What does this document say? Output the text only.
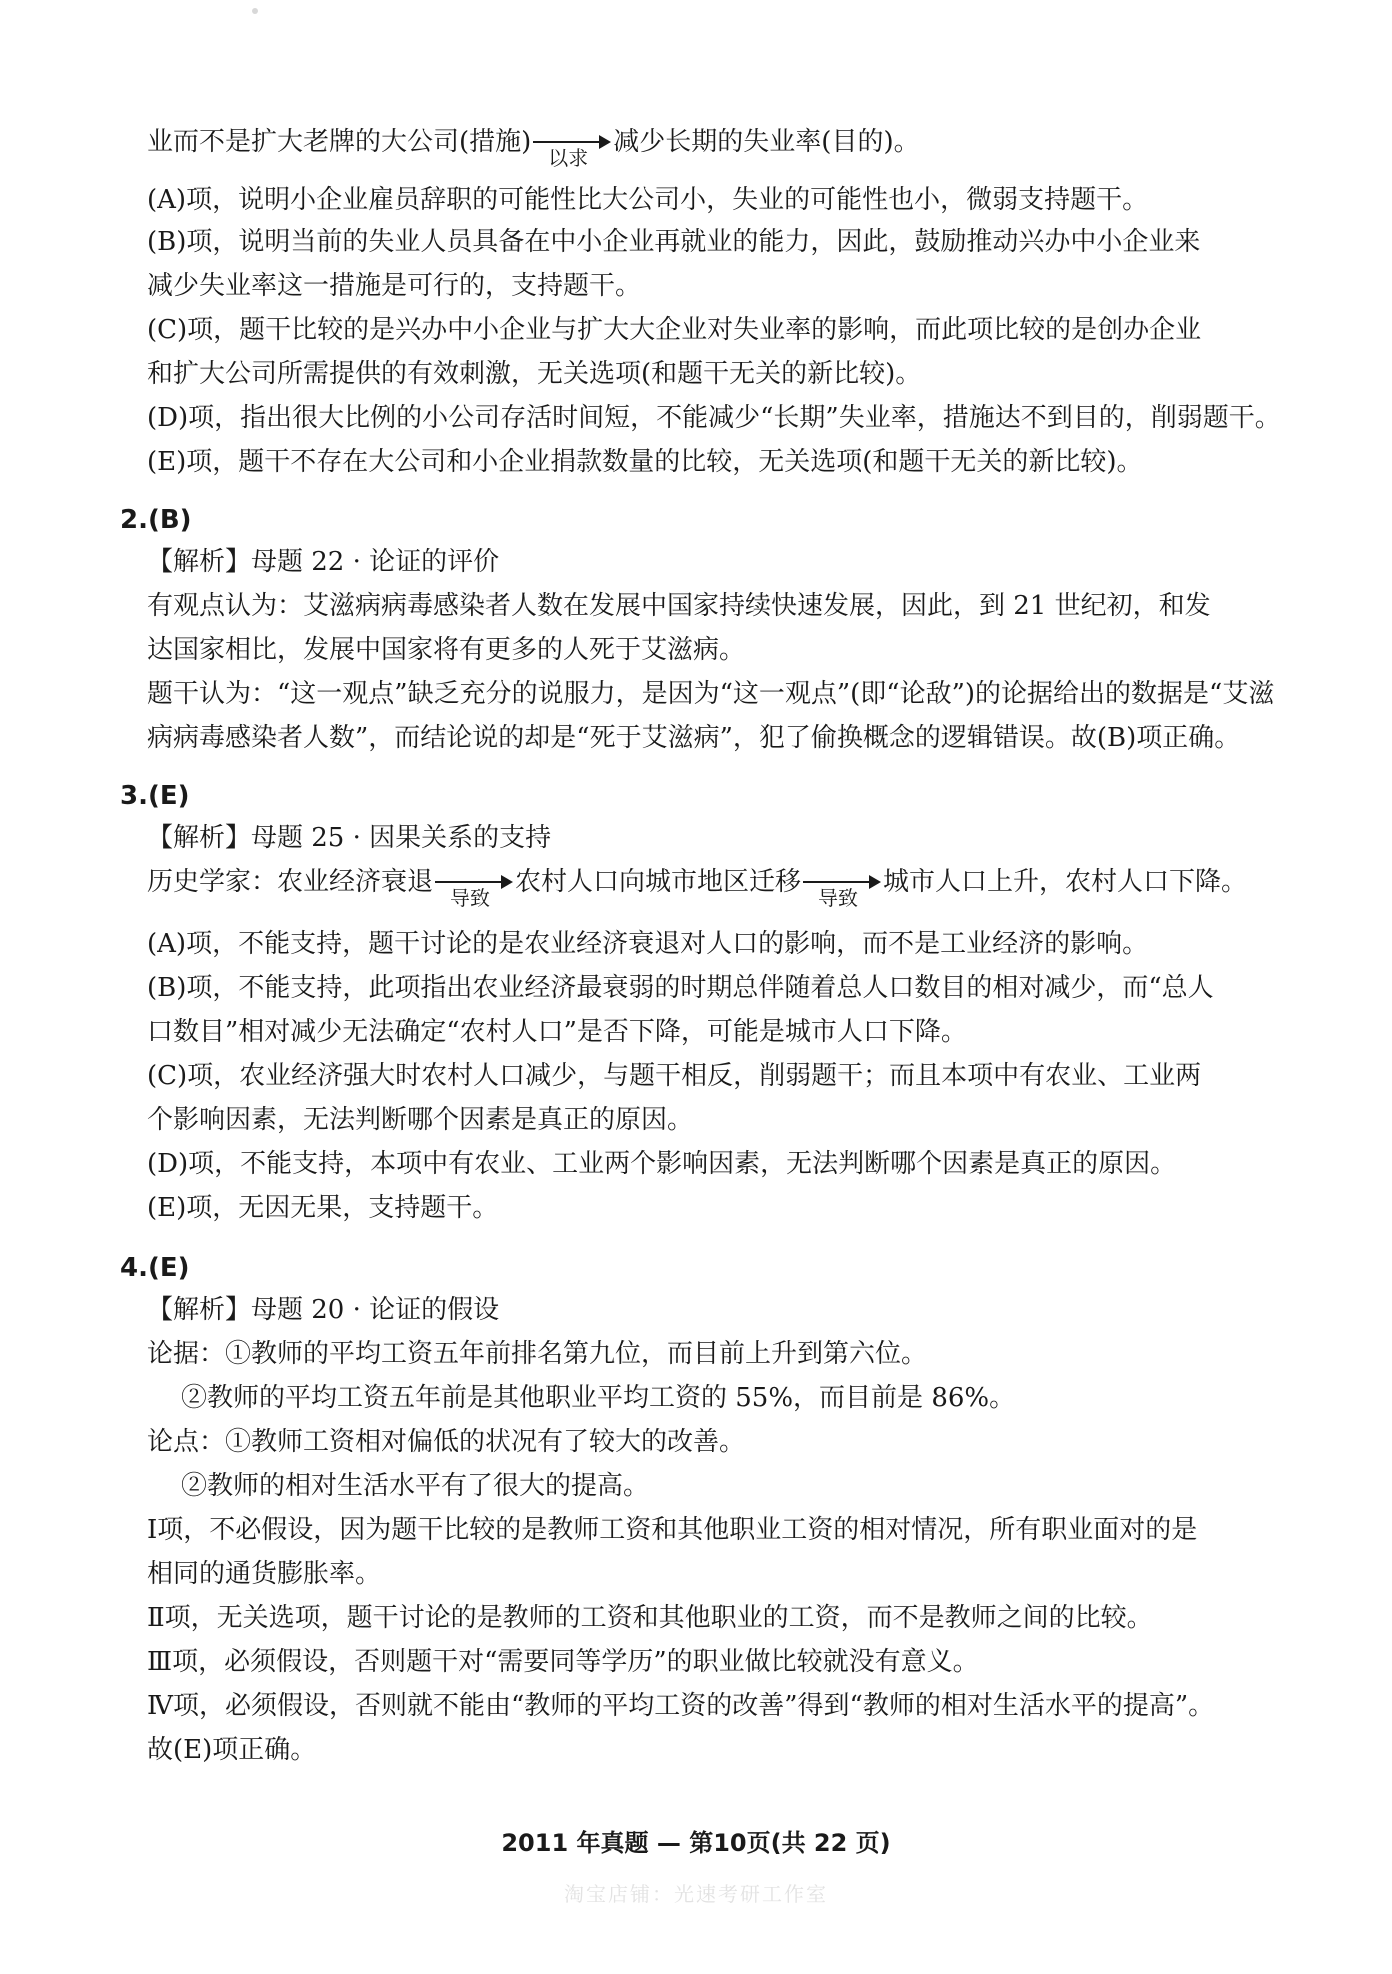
业而不是扩大老牌的大公司(措施)
以求
减少长期的失业率(目的)。
(A)项，说明小企业雇员辞职的可能性比大公司小，失业的可能性也小，微弱支持题干。
(B)项，说明当前的失业人员具备在中小企业再就业的能力，因此，鼓励推动兴办中小企业来
减少失业率这一措施是可行的，支持题干。
(C)项，题干比较的是兴办中小企业与扩大大企业对失业率的影响，而此项比较的是创办企业
和扩大公司所需提供的有效刺激，无关选项(和题干无关的新比较)。
(D)项，指出很大比例的小公司存活时间短，不能减少“长期”失业率，措施达不到目的，削弱题干。
(E)项，题干不存在大公司和小企业捐款数量的比较，无关选项(和题干无关的新比较)。
2.(B)
【解析】母题 22 · 论证的评价
有观点认为：艾滋病病毒感染者人数在发展中国家持续快速发展，因此，到 21 世纪初，和发
达国家相比，发展中国家将有更多的人死于艾滋病。
题干认为：“这一观点”缺乏充分的说服力，是因为“这一观点”(即“论敌”)的论据给出的数据是“艾滋
病病毒感染者人数”，而结论说的却是“死于艾滋病”，犯了偷换概念的逻辑错误。故(B)项正确。
3.(E)
【解析】母题 25 · 因果关系的支持
历史学家：农业经济衰退
导致
农村人口向城市地区迁移
导致
城市人口上升，农村人口下降。
(A)项，不能支持，题干讨论的是农业经济衰退对人口的影响，而不是工业经济的影响。
(B)项，不能支持，此项指出农业经济最衰弱的时期总伴随着总人口数目的相对减少，而“总人
口数目”相对减少无法确定“农村人口”是否下降，可能是城市人口下降。
(C)项，农业经济强大时农村人口减少，与题干相反，削弱题干；而且本项中有农业、工业两
个影响因素，无法判断哪个因素是真正的原因。
(D)项，不能支持，本项中有农业、工业两个影响因素，无法判断哪个因素是真正的原因。
(E)项，无因无果，支持题干。
4.(E)
【解析】母题 20 · 论证的假设
论据：①教师的平均工资五年前排名第九位，而目前上升到第六位。
②教师的平均工资五年前是其他职业平均工资的 55%，而目前是 86%。
论点：①教师工资相对偏低的状况有了较大的改善。
②教师的相对生活水平有了很大的提高。
Ⅰ项，不必假设，因为题干比较的是教师工资和其他职业工资的相对情况，所有职业面对的是
相同的通货膨胀率。
Ⅱ项，无关选项，题干讨论的是教师的工资和其他职业的工资，而不是教师之间的比较。
Ⅲ项，必须假设，否则题干对“需要同等学历”的职业做比较就没有意义。
Ⅳ项，必须假设，否则就不能由“教师的平均工资的改善”得到“教师的相对生活水平的提高”。
故(E)项正确。
2011 年真题 — 第10页(共 22 页)
淘宝店铺：光速考研工作室
